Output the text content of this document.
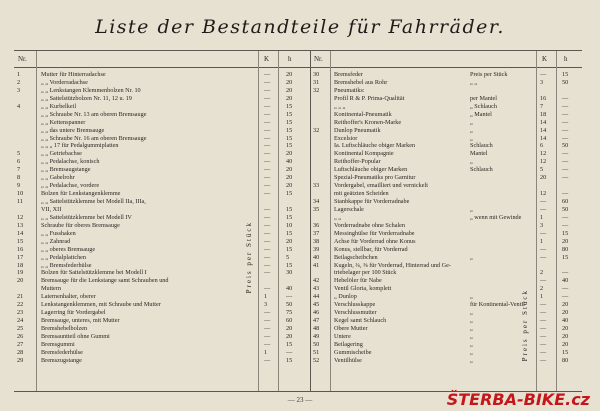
Liste der Bestandteile für Fahrräder.
Nr.	K	h
Preis per Stück
1	Mutter für Hinterradachse	—	20
2	„ „ Vorderradachse	—	20
3	„ „ Lenkstangen Klemmenbolzen Nr. 10	—	20
„ „ Sattelstützbolzen Nr. 11, 12 u. 19	—	20
4	„ „ Kurbelkeil	—	15
„ „ Schraube Nr. 13 am oberen Bremsauge	—	15
„ „ Kettenspanner	—	15
„ „ das untere Bremsauge	—	15
„ „ Schraube Nr. 16 am oberen Bremsauge	—	15
„ „ „ 17 für Pedalgummiplatten	—	15
5	„ „ Getriebachse	—	20
6	„ „ Pedalachse, konisch	—	40
7	„ „ Bremsaugstange	—	20
8	„ „ Gabelrohr	—	20
9	„ „ Pedalachse, vordere	—	20
10	Bolzen für Lenkstangenklemme	—	15
11	„ „ Sattelstützklemme bei Modell IIa, IIIa,
VII, XII	—	15
12	„ „ Sattelstützklemme bei Modell IV	—	15
13	Schraube für oberes Bremsauge	—	10
14	„ „ Fusshaken	—	15
15	„ „ Zahnrad	—	20
16	„ „ oberes Bremsauge	—	15
17	„ „ Pedalplattchen	—	5
18	„ „ Bremsfederhülse	—	15
19	Bolzen für Sattelstützklemme bei Modell I	—	30
20	Bremsauge für die Lenkstange samt Schrauben und
Muttern	—	40
21	Laternenhalter, oberer	1	—
22	Lenkstangenklemmen, mit Schraube und Mutter	3	50
23	Lagerring für Vordergabel	—	75
24	Bremsauge, unteres, mit Mutter	—	60
25	Bremshebelbolzen	—	20
26	Bremsauntteil ohne Gummi	—	20
27	Bremsgummi	—	15
28	Bremsfederhülse	1	—
29	Bremszugstange	—	15
Nr.	K h
Preis per Stück
30 Bremsfeder	Preis per Stück	—	15
31 Bremshebel aus Rohr	„ „	3	50
32 Pneumatiks:
Profil R & P. Prima-Qualität	per Mantel	16	—
„ „ „	„ Schlauch	7	—
Kontinental-Pneumatik	„ Mantel	18	—
Reithoffer's Kronen-Marke	„	14	—
32 Dunlop Pneumatik	„	14	—
Excelsior	„	14	—
Ia. Luftschläuche obiger Marken	Schlauch	6	50
Kontinental Kompagnie	Mantel	12	—
Reithoffer-Popular	„	12	—
Luftschläuche obiger Marken	Schlauch	5	—
Spezial-Pneumatiks pro Garnitur	20	—
33 Vordergabel, emailliert und vernickelt
mit geätzten Scheiden	12	—
34 Stanbkappe für Vorderradnabe	—	60
35 Lagerschale	„	—	50
„ „	„ wenn mit Gewinde	1	—
36 Vorderradnabe ohne Schalen	3	—
37 Messinghülse für Vorderradnabe	—	15
38 Achse für Vorderrad ohne Konus	1	20
39 Konus, stellbar, für Vorderrad	—	80
40 Beilagscheibchen	„	—	15
41 Kugeln, ¼, ⅜ für Vorderrad, Hinterrad und Ge-
triebelager per 100 Stück	2	—
42 Hebelöler für Nabe	—	40
43 Ventil Gloria, komplett	2	—
44 „ Dunlop	„	1	—
45 Verschlusskappe	für Kontinental-Ventil —	20
46 Verschlussmutter	„	—	20
47 Kegel samt Schlauch	„	—	40
48 Obere Mutter	„	—	20
49 Untere	„	—	20
50 Beilagering	„	—	20
51 Gummischeibe	„	—	15
52 Ventilhülse	„	—	80
— 23 —	ŠTERBA-BIKE.cz
